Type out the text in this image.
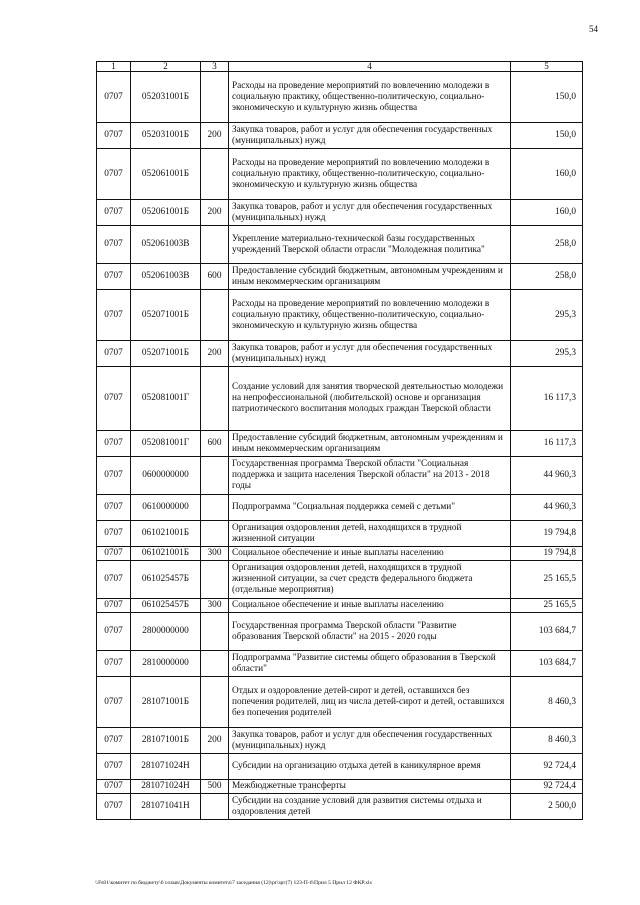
54
1	2	3	4	5
0707	052031001Б		Расходы на проведение мероприятий по вовлечению молодежи в социальную практику, общественно-политическую, социально-экономическую и культурную жизнь общества	150,0
0707	052031001Б	200	Закупка товаров, работ и услуг для обеспечения государственных (муниципальных) нужд	150,0
0707	052061001Б		Расходы на проведение мероприятий по вовлечению молодежи в социальную практику, общественно-политическую, социально-экономическую и культурную жизнь общества	160,0
0707	052061001Б	200	Закупка товаров, работ и услуг для обеспечения государственных (муниципальных) нужд	160,0
0707	052061003В		Укрепление материально-технической базы государственных учреждений Тверской области отрасли "Молодежная политика"	258,0
0707	052061003В	600	Предоставление субсидий бюджетным, автономным учреждениям и иным некоммерческим организациям	258,0
0707	052071001Б		Расходы на проведение мероприятий по вовлечению молодежи в социальную практику, общественно-политическую, социально-экономическую и культурную жизнь общества	295,3
0707	052071001Б	200	Закупка товаров, работ и услуг для обеспечения государственных (муниципальных) нужд	295,3
0707	052081001Г		Создание условий для занятия творческой деятельностью молодежи на непрофессиональной (любительской) основе и организация патриотического воспитания молодых граждан Тверской области	16 117,3
0707	052081001Г	600	Предоставление субсидий бюджетным, автономным учреждениям и иным некоммерческим организациям	16 117,3
0707	0600000000		Государственная программа Тверской области "Социальная поддержка и защита населения Тверской области" на 2013 - 2018 годы	44 960,3
0707	0610000000		Подпрограмма "Социальная поддержка семей с детьми"	44 960,3
0707	061021001Б		Организация оздоровления детей, находящихся в трудной жизненной ситуации	19 794,8
0707	061021001Б	300	Социальное обеспечение и иные выплаты населению	19 794,8
0707	061025457Б		Организация оздоровления детей, находящихся в трудной жизненной ситуации, за счет средств федерального бюджета (отдельные мероприятия)	25 165,5
0707	061025457Б	300	Социальное обеспечение и иные выплаты населению	25 165,5
0707	2800000000		Государственная программа Тверской области "Развитие образования Тверской области" на 2015 - 2020 годы	103 684,7
0707	2810000000		Подпрограмма "Развитие системы общего образования в Тверской области"	103 684,7
0707	281071001Б		Отдых и оздоровление детей-сирот и детей, оставшихся без попечения родителей, лиц из числа детей-сирот и детей, оставшихся без попечения родителей	8 460,3
0707	281071001Б	200	Закупка товаров, работ и услуг для обеспечения государственных (муниципальных) нужд	8 460,3
0707	281071024Н		Субсидии на организацию отдыха детей в каникулярное время	92 724,4
0707	281071024Н	500	Межбюджетные трансферты	92 724,4
0707	281071041Н		Субсидии на создание условий для развития системы отдыха и оздоровления детей	2 500,0
\\Fs01\комитет по бюджету\6 созыв\Документы комитета\7 заседания (12)\pr\зрг(7) 123-П-6\Прил 5 Прил 12 ФКР.xls
